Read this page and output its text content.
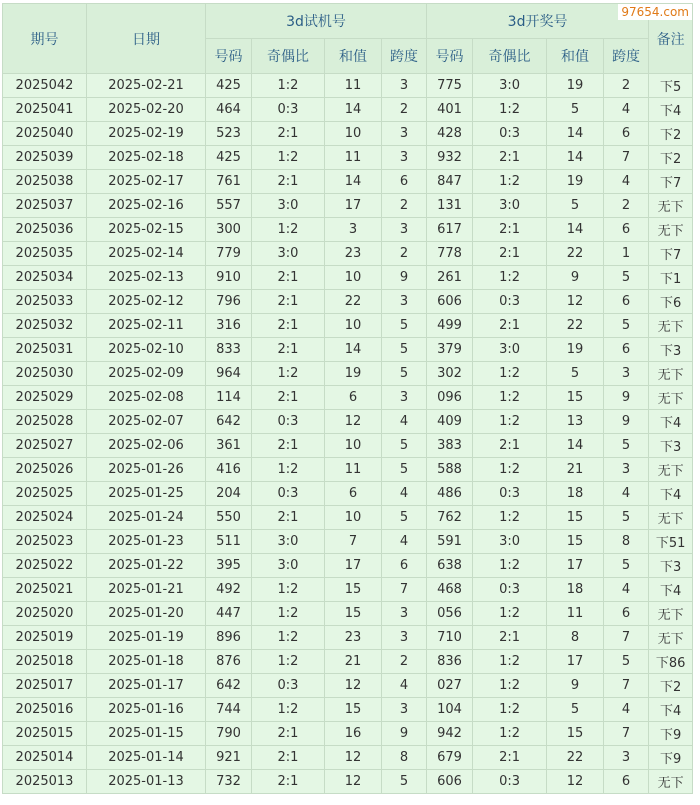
期号	日期	3d试机号				3d开奖号				备注
		号码	奇偶比	和值	跨度	号码	奇偶比	和值	跨度	
2025042	2025-02-21	425	1:2	11	3	775	3:0	19	2	下5
2025041	2025-02-20	464	0:3	14	2	401	1:2	5	4	下4
2025040	2025-02-19	523	2:1	10	3	428	0:3	14	6	下2
2025039	2025-02-18	425	1:2	11	3	932	2:1	14	7	下2
2025038	2025-02-17	761	2:1	14	6	847	1:2	19	4	下7
2025037	2025-02-16	557	3:0	17	2	131	3:0	5	2	无下
2025036	2025-02-15	300	1:2	3	3	617	2:1	14	6	无下
2025035	2025-02-14	779	3:0	23	2	778	2:1	22	1	下7
2025034	2025-02-13	910	2:1	10	9	261	1:2	9	5	下1
2025033	2025-02-12	796	2:1	22	3	606	0:3	12	6	下6
2025032	2025-02-11	316	2:1	10	5	499	2:1	22	5	无下
2025031	2025-02-10	833	2:1	14	5	379	3:0	19	6	下3
2025030	2025-02-09	964	1:2	19	5	302	1:2	5	3	无下
2025029	2025-02-08	114	2:1	6	3	096	1:2	15	9	无下
2025028	2025-02-07	642	0:3	12	4	409	1:2	13	9	下4
2025027	2025-02-06	361	2:1	10	5	383	2:1	14	5	下3
2025026	2025-01-26	416	1:2	11	5	588	1:2	21	3	无下
2025025	2025-01-25	204	0:3	6	4	486	0:3	18	4	下4
2025024	2025-01-24	550	2:1	10	5	762	1:2	15	5	无下
2025023	2025-01-23	511	3:0	7	4	591	3:0	15	8	下51
2025022	2025-01-22	395	3:0	17	6	638	1:2	17	5	下3
2025021	2025-01-21	492	1:2	15	7	468	0:3	18	4	下4
2025020	2025-01-20	447	1:2	15	3	056	1:2	11	6	无下
2025019	2025-01-19	896	1:2	23	3	710	2:1	8	7	无下
2025018	2025-01-18	876	1:2	21	2	836	1:2	17	5	下86
2025017	2025-01-17	642	0:3	12	4	027	1:2	9	7	下2
2025016	2025-01-16	744	1:2	15	3	104	1:2	5	4	下4
2025015	2025-01-15	790	2:1	16	9	942	1:2	15	7	下9
2025014	2025-01-14	921	2:1	12	8	679	2:1	22	3	下9
2025013	2025-01-13	732	2:1	12	5	606	0:3	12	6	无下
97654.com
